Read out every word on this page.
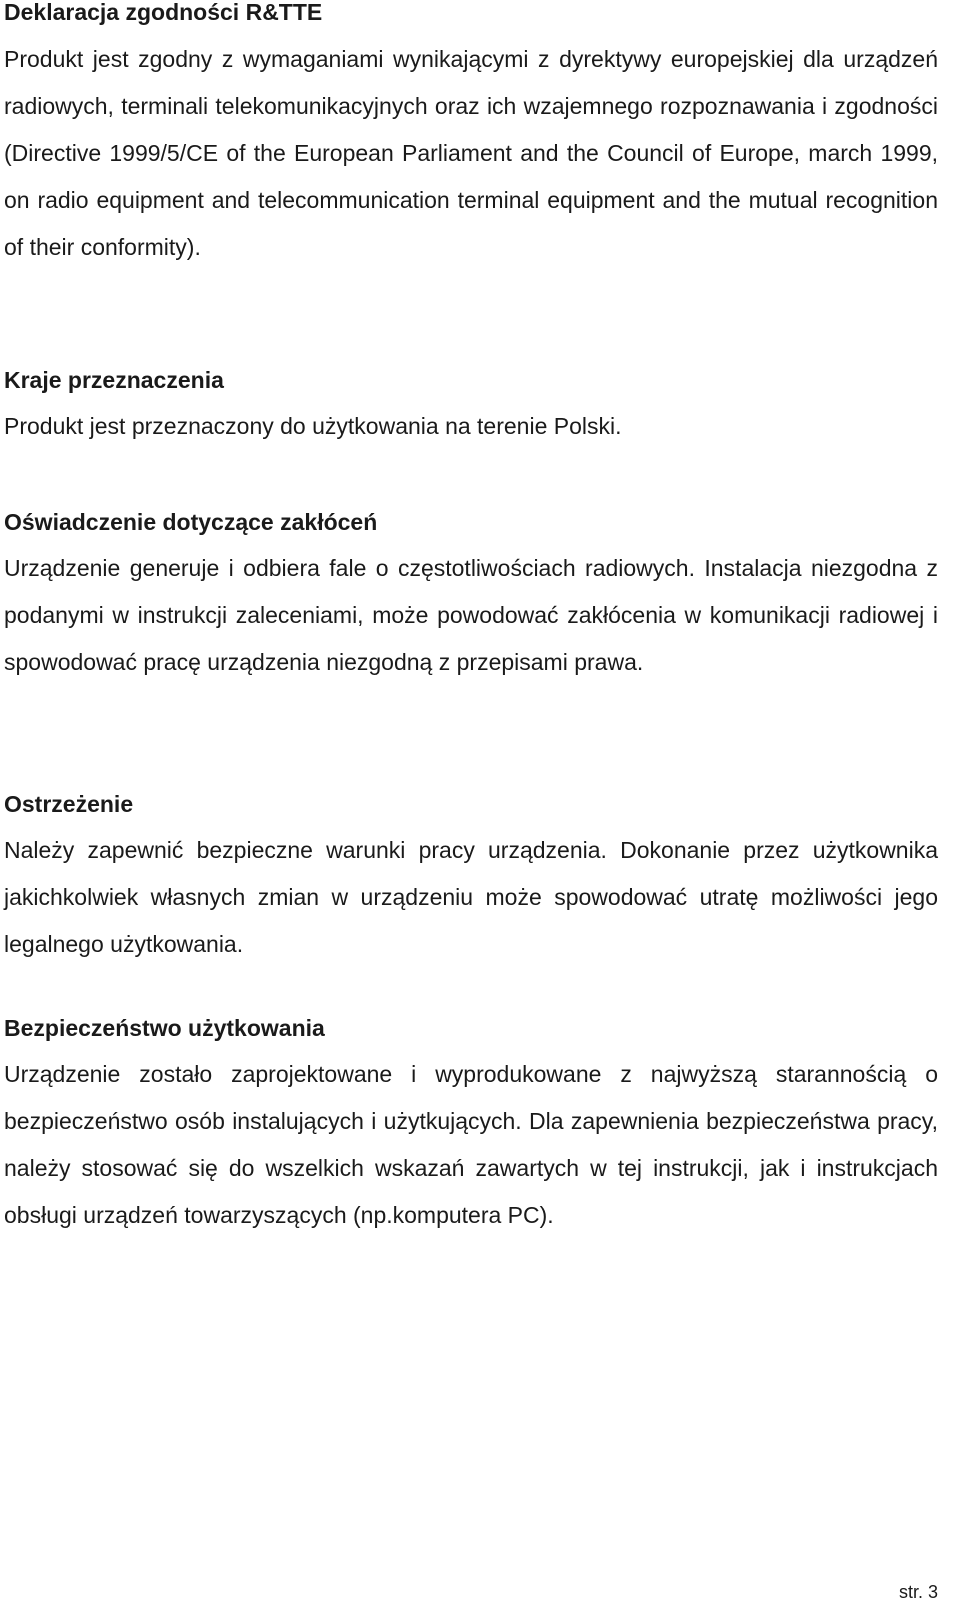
Deklaracja zgodności R&TTE

Produkt jest zgodny z wymaganiami wynikającymi z dyrektywy europejskiej dla urządzeń radiowych, terminali telekomunikacyjnych oraz ich wzajemnego rozpoznawania i zgodności (Directive 1999/5/CE of the European Parliament and the Council of Europe, march 1999, on radio equipment and telecommunication terminal equipment and the mutual recognition of their conformity).

Kraje przeznaczenia

Produkt jest przeznaczony do użytkowania na terenie Polski.

Oświadczenie dotyczące zakłóceń

Urządzenie generuje i odbiera fale o częstotliwościach radiowych. Instalacja niezgodna z podanymi w instrukcji zaleceniami, może powodować zakłócenia w komunikacji radiowej i spowodować pracę urządzenia niezgodną z przepisami prawa.

Ostrzeżenie

Należy zapewnić bezpieczne warunki pracy urządzenia. Dokonanie przez użytkownika jakichkolwiek własnych zmian w urządzeniu może spowodować utratę możliwości jego legalnego użytkowania.

Bezpieczeństwo użytkowania

Urządzenie zostało zaprojektowane i wyprodukowane z najwyższą starannością o bezpieczeństwo osób instalujących i użytkujących. Dla zapewnienia bezpieczeństwa pracy, należy stosować się do wszelkich wskazań zawartych w tej instrukcji, jak i instrukcjach obsługi urządzeń towarzyszących (np.komputera PC).

str. 3
